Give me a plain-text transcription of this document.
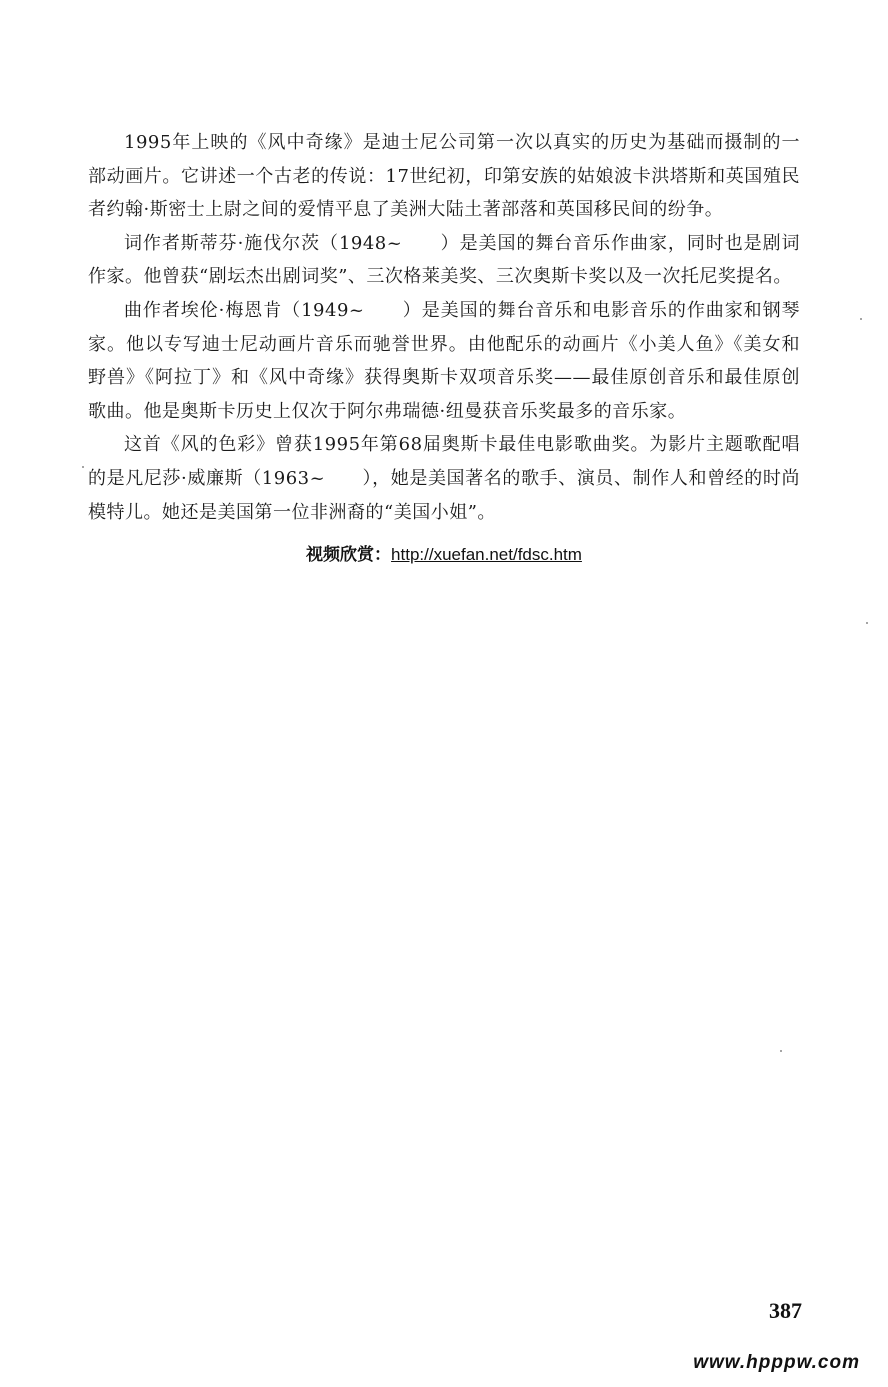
1995年上映的《风中奇缘》是迪士尼公司第一次以真实的历史为基础而摄制的一部动画片。它讲述一个古老的传说：17世纪初，印第安族的姑娘波卡洪塔斯和英国殖民者约翰·斯密士上尉之间的爱情平息了美洲大陆土著部落和英国移民间的纷争。

词作者斯蒂芬·施伐尔茨（1948~　　）是美国的舞台音乐作曲家，同时也是剧词作家。他曾获“剧坛杰出剧词奖”、三次格莱美奖、三次奥斯卡奖以及一次托尼奖提名。

曲作者埃伦·梅恩肯（1949~　　）是美国的舞台音乐和电影音乐的作曲家和钢琴家。他以专写迪士尼动画片音乐而驰誉世界。由他配乐的动画片《小美人鱼》《美女和野兽》《阿拉丁》和《风中奇缘》获得奥斯卡双项音乐奖——最佳原创音乐和最佳原创歌曲。他是奥斯卡历史上仅次于阿尔弗瑞德·纽曼获音乐奖最多的音乐家。

这首《风的色彩》曾获1995年第68届奥斯卡最佳电影歌曲奖。为影片主题歌配唱的是凡尼莎·威廉斯（1963~　　），她是美国著名的歌手、演员、制作人和曾经的时尚模特儿。她还是美国第一位非洲裔的“美国小姐”。

视频欣赏：http://xuefan.net/fdsc.htm
387
www.hpppw.com
